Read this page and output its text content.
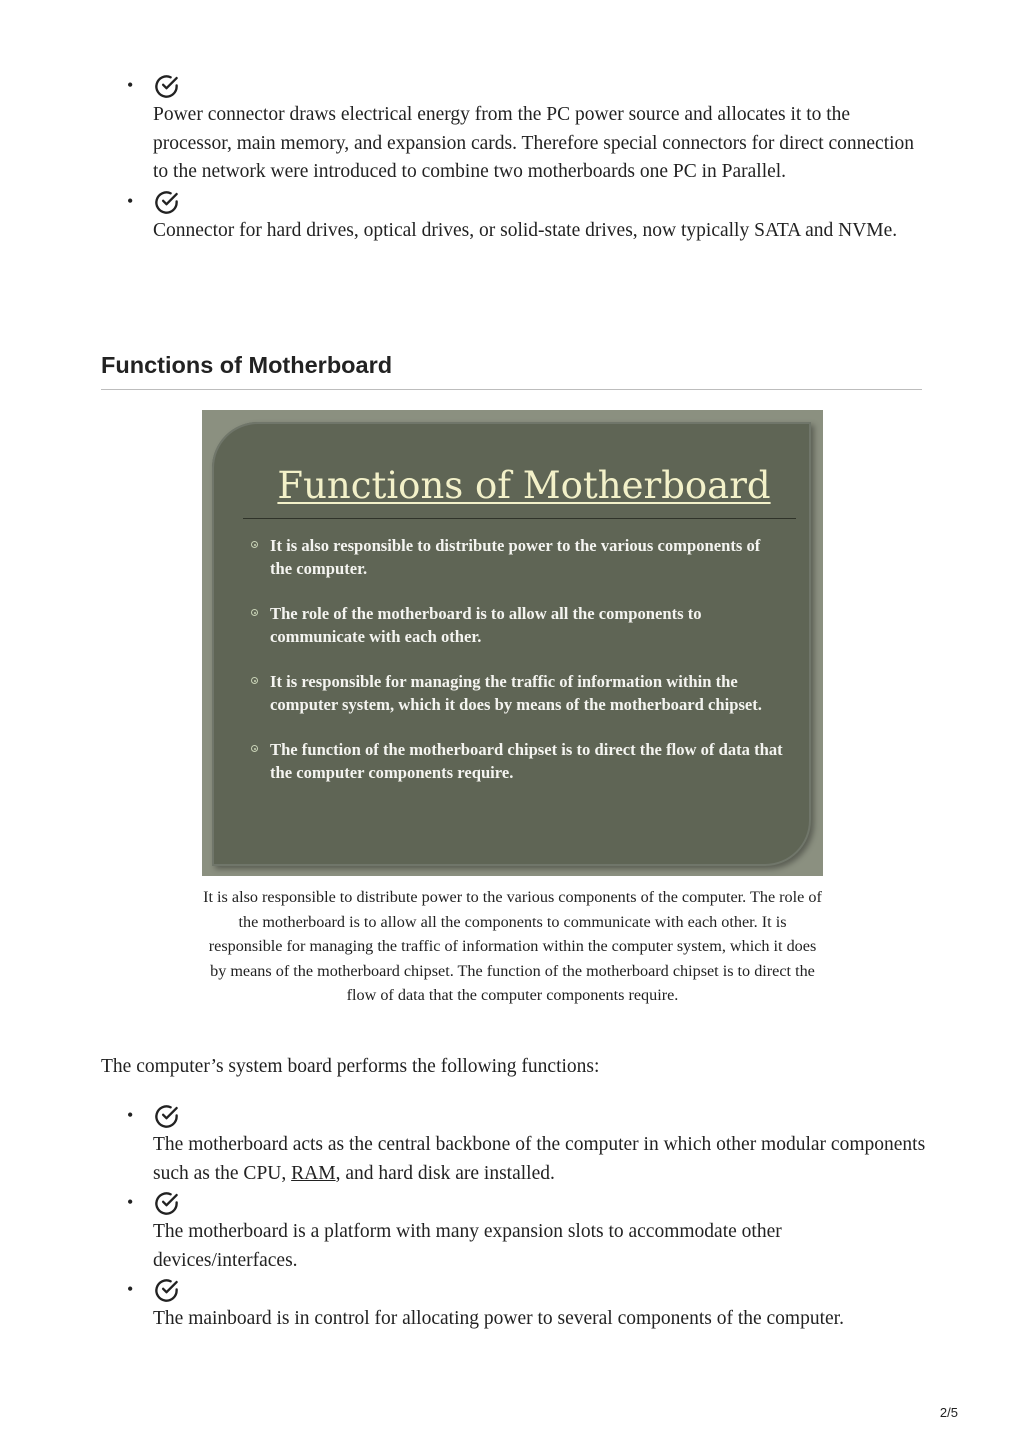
•
Power connector draws electrical energy from the PC power source and allocates it to the processor, main memory, and expansion cards. Therefore special connectors for direct connection to the network were introduced to combine two motherboards one PC in Parallel.
•
Connector for hard drives, optical drives, or solid-state drives, now typically SATA and NVMe.
Functions of Motherboard
Functions of Motherboard
It is also responsible to distribute power to the various components of the computer.
The role of the motherboard is to allow all the components to communicate with each other.
It is responsible for managing the traffic of information within the computer system, which it does by means of the motherboard chipset.
The function of the motherboard chipset is to direct the flow of data that the computer components require.

It is also responsible to distribute power to the various components of the computer. The role of the motherboard is to allow all the components to communicate with each other. It is responsible for managing the traffic of information within the computer system, which it does by means of the motherboard chipset. The function of the motherboard chipset is to direct the flow of data that the computer components require.

The computer’s system board performs the following functions:

•
The motherboard acts as the central backbone of the computer in which other modular components such as the CPU, RAM, and hard disk are installed.
•
The motherboard is a platform with many expansion slots to accommodate other devices/interfaces.
•
The mainboard is in control for allocating power to several components of the computer.
2/5
